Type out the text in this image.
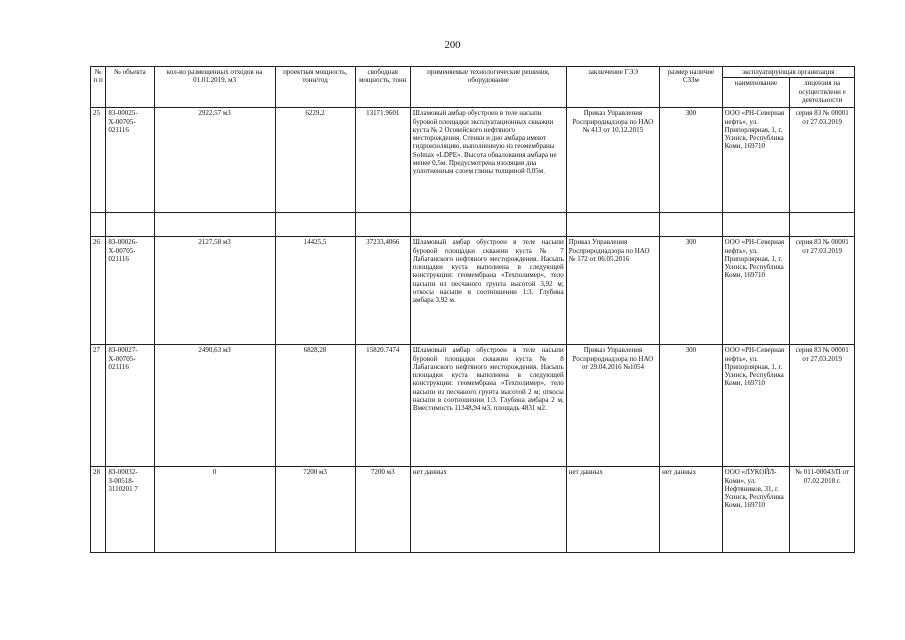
200
№ п п	№ объекта	кол-во размещенных отходов на 01.01.2019, м3	проектная мощность, тонн/год	свободная мощность, тонн	применяемые технологические решения, оборудование	заключение ГЭЭ	размер наличие СЗЗм	эксплуатирующая организация	
								наименование	лицензия на осуществлени е деятельности
25	83-00025-Х-00705-021116	2922,57 м3	6229,2	13171.9601	Шламовый амбар обустроен в теле насыпи буровой площадки эксплуатационных скважин куста № 2 Осовейского нефтяного месторождения. Стенки и дно амбара имеют гидроизоляцию, выполненную из геомембраны Solmax «LDPE». Высота обвалования амбара не менее 0,5м. Предусмотрена изоляция дна уплотненным слоем глины толщиной 0,05м.	Приказ Управления Росприроднадзора по НАО № 413 от 10.12.2015	300	ООО «РН-Северная нефть», ул. Припорлярная, 1, г. Усинск, Республика Коми, 169710	серия 83 № 00001 от 27.03.2019

26	83-00026-Х-00705-021116	2127,58 м3	14425,5	37233,4066	Шламовый амбар обустроен в теле насыпи буровой площадки скважин куста № 7 Лабаганского нефтяного месторождения. Насыпь площадки куста выполнена в следующей конструкции: геомембрана «Техполимер», тело насыпи из песчаного грунта высотой 3,92 м; откосы насыпи в соотношении 1:3. Глубина амбара 3,92 м.	Приказ Управления Росприроднадзора по НАО № 172 от 06.05.2016	300	ООО «РН-Северная нефть», ул. Припорлярная, 1, г. Усинск, Республика Коми, 169710	серия 83 № 00001 от 27.03.2019
27	83-00027-Х-00705-021116	2490,63 м3	6828,28	15820.7474	Шламовый амбар обустроен в теле насыпи буровой площадки скважин куста № 8 Лабаганского нефтяного месторождения. Насыпь площадки куста выполнена в следующей конструкции: геомембрана «Техполимер», тело насыпи из песчаного грунта высотой 2 м; откосы насыпи в соотношении 1:3. Глубина амбара 2 м, Вместимость 11348,94 м3, площадь 4831 м2.	Приказ Управления Росприроднадзора по НАО от 29.04.2016 №1054	300	ООО «РН-Северная нефть», ул. Припорлярная, 1, г. Усинск, Республика Коми, 169710	серия 83 № 00001 от 27.03.2019
28	83-00032-З-00518-3110201 7	0	7200 м3	7200 м3	нет данных	нет данных	нет данных	ООО «ЛУКОЙЛ-Коми», ул. Нефтяников, 31, г. Усинск, Республика Коми, 169710	№ 011-00043/П от 07.02.2018 г.
